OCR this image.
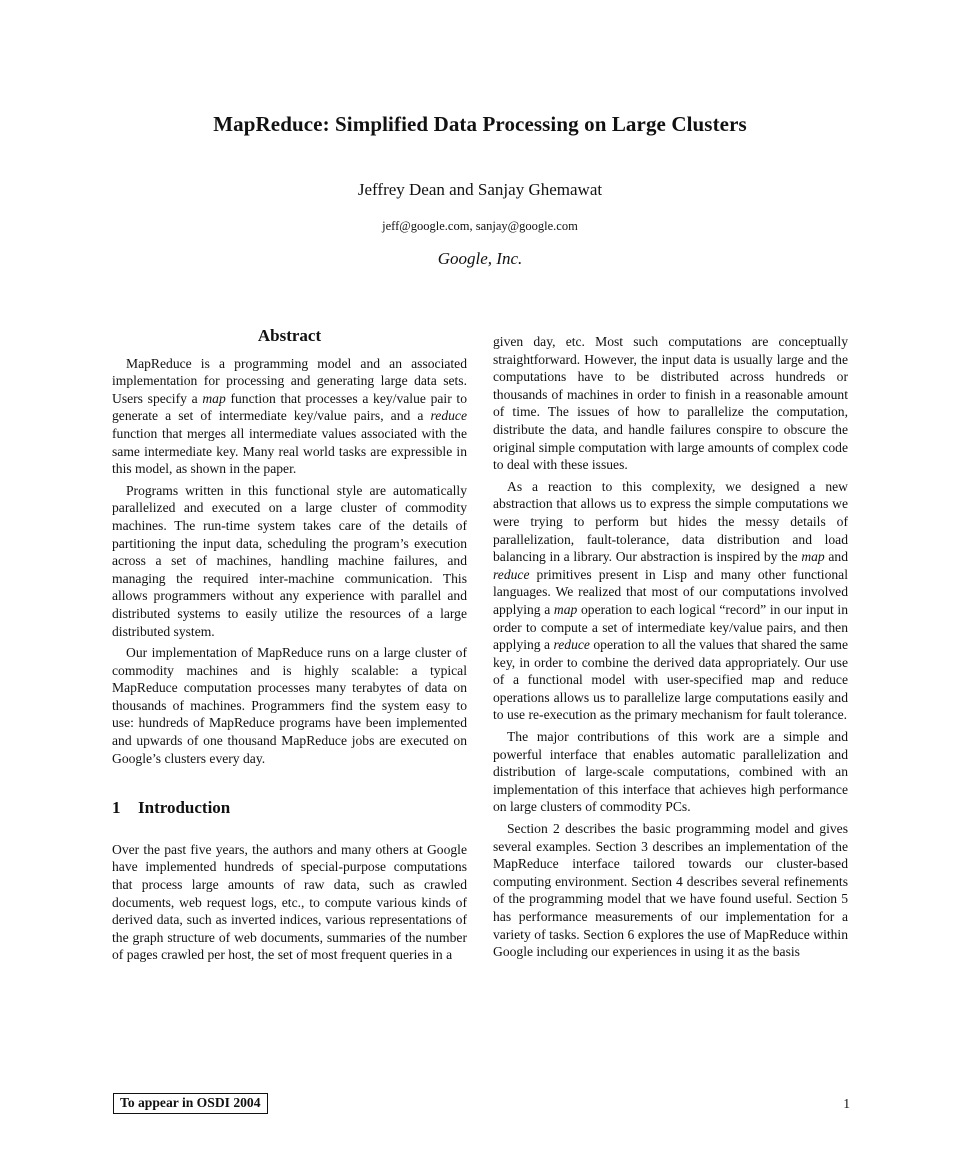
MapReduce: Simplified Data Processing on Large Clusters
Jeffrey Dean and Sanjay Ghemawat
jeff@google.com, sanjay@google.com
Google, Inc.
Abstract

MapReduce is a programming model and an associated implementation for processing and generating large data sets. Users specify a map function that processes a key/value pair to generate a set of intermediate key/value pairs, and a reduce function that merges all intermediate values associated with the same intermediate key. Many real world tasks are expressible in this model, as shown in the paper.

Programs written in this functional style are automatically parallelized and executed on a large cluster of commodity machines. The run-time system takes care of the details of partitioning the input data, scheduling the program’s execution across a set of machines, handling machine failures, and managing the required inter-machine communication. This allows programmers without any experience with parallel and distributed systems to easily utilize the resources of a large distributed system.

Our implementation of MapReduce runs on a large cluster of commodity machines and is highly scalable: a typical MapReduce computation processes many terabytes of data on thousands of machines. Programmers find the system easy to use: hundreds of MapReduce programs have been implemented and upwards of one thousand MapReduce jobs are executed on Google’s clusters every day.

1 Introduction

Over the past five years, the authors and many others at Google have implemented hundreds of special-purpose computations that process large amounts of raw data, such as crawled documents, web request logs, etc., to compute various kinds of derived data, such as inverted indices, various representations of the graph structure of web documents, summaries of the number of pages crawled per host, the set of most frequent queries in a

given day, etc. Most such computations are conceptually straightforward. However, the input data is usually large and the computations have to be distributed across hundreds or thousands of machines in order to finish in a reasonable amount of time. The issues of how to parallelize the computation, distribute the data, and handle failures conspire to obscure the original simple computation with large amounts of complex code to deal with these issues.

As a reaction to this complexity, we designed a new abstraction that allows us to express the simple computations we were trying to perform but hides the messy details of parallelization, fault-tolerance, data distribution and load balancing in a library. Our abstraction is inspired by the map and reduce primitives present in Lisp and many other functional languages. We realized that most of our computations involved applying a map operation to each logical “record” in our input in order to compute a set of intermediate key/value pairs, and then applying a reduce operation to all the values that shared the same key, in order to combine the derived data appropriately. Our use of a functional model with user-specified map and reduce operations allows us to parallelize large computations easily and to use re-execution as the primary mechanism for fault tolerance.

The major contributions of this work are a simple and powerful interface that enables automatic parallelization and distribution of large-scale computations, combined with an implementation of this interface that achieves high performance on large clusters of commodity PCs.

Section 2 describes the basic programming model and gives several examples. Section 3 describes an implementation of the MapReduce interface tailored towards our cluster-based computing environment. Section 4 describes several refinements of the programming model that we have found useful. Section 5 has performance measurements of our implementation for a variety of tasks. Section 6 explores the use of MapReduce within Google including our experiences in using it as the basis

To appear in OSDI 2004	1
